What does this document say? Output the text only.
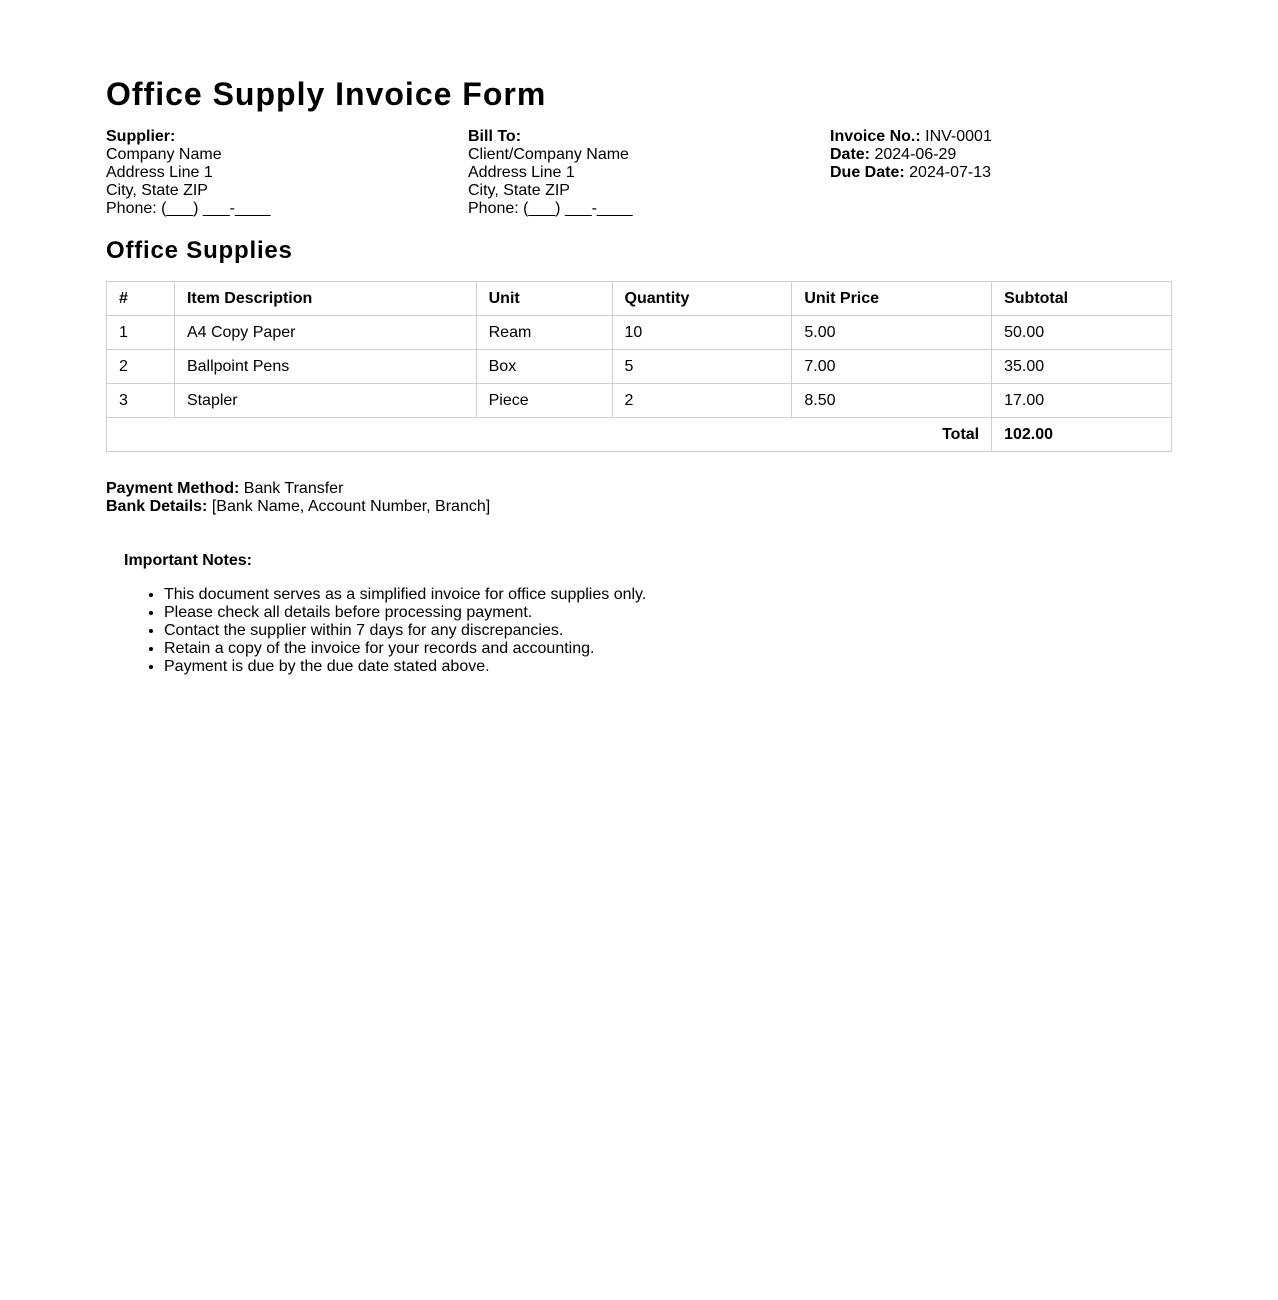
Office Supply Invoice Form
Supplier:
Company Name
Address Line 1
City, State ZIP
Phone: (___) ___-____
Bill To:
Client/Company Name
Address Line 1
City, State ZIP
Phone: (___) ___-____
Invoice No.: INV-0001
Date: 2024-06-29
Due Date: 2024-07-13
Office Supplies
#	Item Description	Unit	Quantity	Unit Price	Subtotal
1	A4 Copy Paper	Ream	10	5.00	50.00
2	Ballpoint Pens	Box	5	7.00	35.00
3	Stapler	Piece	2	8.50	17.00
Total					102.00
Payment Method: Bank Transfer
Bank Details: [Bank Name, Account Number, Branch]
Important Notes:
• This document serves as a simplified invoice for office supplies only.
• Please check all details before processing payment.
• Contact the supplier within 7 days for any discrepancies.
• Retain a copy of the invoice for your records and accounting.
• Payment is due by the due date stated above.
